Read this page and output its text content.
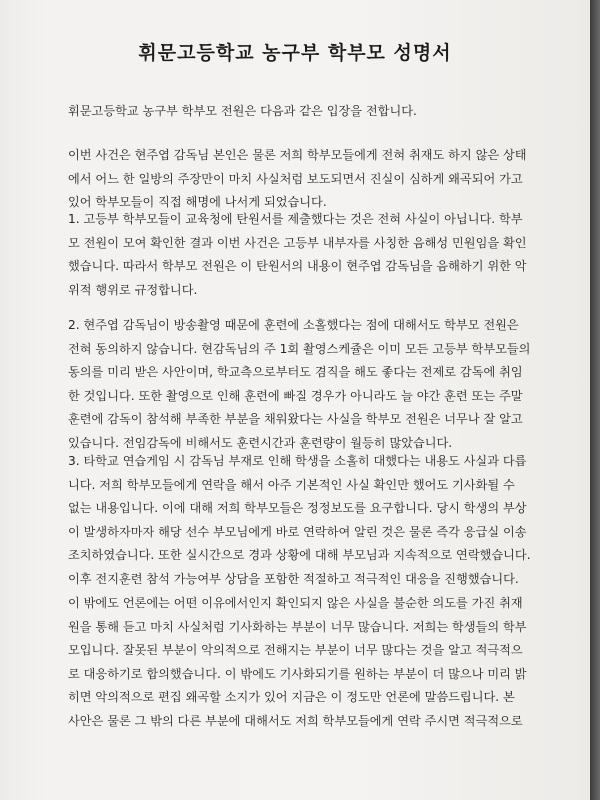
휘문고등학교 농구부 학부모 성명서

휘문고등학교 농구부 학부모 전원은 다음과 같은 입장을 전합니다.

이번 사건은 현주엽 감독님 본인은 물론 저희 학부모들에게 전혀 취재도 하지 않은 상태
에서 어느 한 일방의 주장만이 마치 사실처럼 보도되면서 진실이 심하게 왜곡되어 가고
있어 학부모들이 직접 해명에 나서게 되었습니다.

1. 고등부 학부모들이 교육청에 탄원서를 제출했다는 것은 전혀 사실이 아닙니다. 학부
모 전원이 모여 확인한 결과 이번 사건은 고등부 내부자를 사칭한 음해성 민원임을 확인
했습니다. 따라서 학부모 전원은 이 탄원서의 내용이 현주엽 감독님을 음해하기 위한 악
위적 행위로 규정합니다.

2. 현주엽 감독님이 방송촬영 때문에 훈련에 소홀했다는 점에 대해서도 학부모 전원은
전혀 동의하지 않습니다. 현감독님의 주 1회 촬영스케쥴은 이미 모든 고등부 학부모들의
동의를 미리 받은 사안이며, 학교측으로부터도 겸직을 해도 좋다는 전제로 감독에 취임
한 것입니다. 또한 촬영으로 인해 훈련에 빠질 경우가 아니라도 늘 야간 훈련 또는 주말
훈련에 감독이 참석해 부족한 부분을 채워왔다는 사실을 학부모 전원은 너무나 잘 알고
있습니다. 전임감독에 비해서도 훈련시간과 훈련량이 월등히 많았습니다.

3. 타학교 연습게임 시 감독님 부재로 인해 학생을 소홀히 대했다는 내용도 사실과 다릅
니다. 저희 학부모들에게 연락을 해서 아주 기본적인 사실 확인만 했어도 기사화될 수
없는 내용입니다. 이에 대해 저희 학부모들은 정정보도를 요구합니다. 당시 학생의 부상
이 발생하자마자 해당 선수 부모님에게 바로 연락하여 알린 것은 물론 즉각 응급실 이송
조치하였습니다. 또한 실시간으로 경과 상황에 대해 부모님과 지속적으로 연락했습니다.
이후 전지훈련 참석 가능여부 상담을 포함한 적절하고 적극적인 대응을 진행했습니다.

이 밖에도 언론에는 어떤 이유에서인지 확인되지 않은 사실을 불순한 의도를 가진 취재
원을 통해 듣고 마치 사실처럼 기사화하는 부분이 너무 많습니다. 저희는 학생들의 학부
모입니다. 잘못된 부분이 악의적으로 전해지는 부분이 너무 많다는 것을 알고 적극적으
로 대응하기로 합의했습니다. 이 밖에도 기사화되기를 원하는 부분이 더 많으나 미리 밝
히면 악의적으로 편집 왜곡할 소지가 있어 지금은 이 정도만 언론에 말씀드립니다. 본
사안은 물론 그 밖의 다른 부분에 대해서도 저희 학부모들에게 연락 주시면 적극적으로
